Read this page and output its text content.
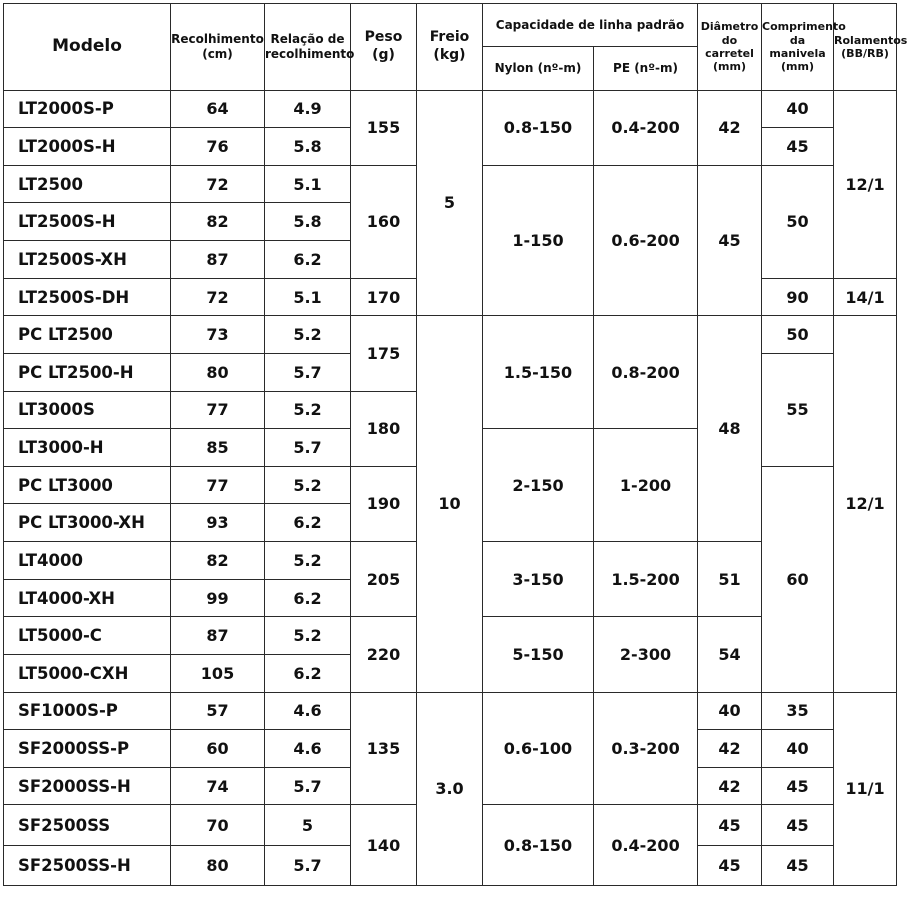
Modelo	Recolhimento (cm)	Relação de recolhimento	Peso (g)	Freio (kg)	Capacidade de linha padrão		Diâmetro do carretel (mm)	Comprimento da manivela (mm)	Rolamentos (BB/RB)
					Nylon (nº-m)	PE (nº-m)			
LT2000S-P	64	4.9	155	5	0.8-150	0.4-200	42	40	12/1
LT2000S-H	76	5.8						45	
LT2500	72	5.1	160		1-150	0.6-200	45	50	
LT2500S-H	82	5.8							
LT2500S-XH	87	6.2							
LT2500S-DH	72	5.1	170					90	14/1
PC LT2500	73	5.2	175	10	1.5-150	0.8-200	48	50	12/1
PC LT2500-H	80	5.7						55	
LT3000S	77	5.2	180						
LT3000-H	85	5.7			2-150	1-200			
PC LT3000	77	5.2	190					60	
PC LT3000-XH	93	6.2							
LT4000	82	5.2	205		3-150	1.5-200	51		
LT4000-XH	99	6.2							
LT5000-C	87	5.2	220		5-150	2-300	54		
LT5000-CXH	105	6.2							
SF1000S-P	57	4.6	135	3.0	0.6-100	0.3-200	40	35	11/1
SF2000SS-P	60	4.6					42	40	
SF2000SS-H	74	5.7					42	45	
SF2500SS	70	5	140		0.8-150	0.4-200	45	45	
SF2500SS-H	80	5.7					45	45	
